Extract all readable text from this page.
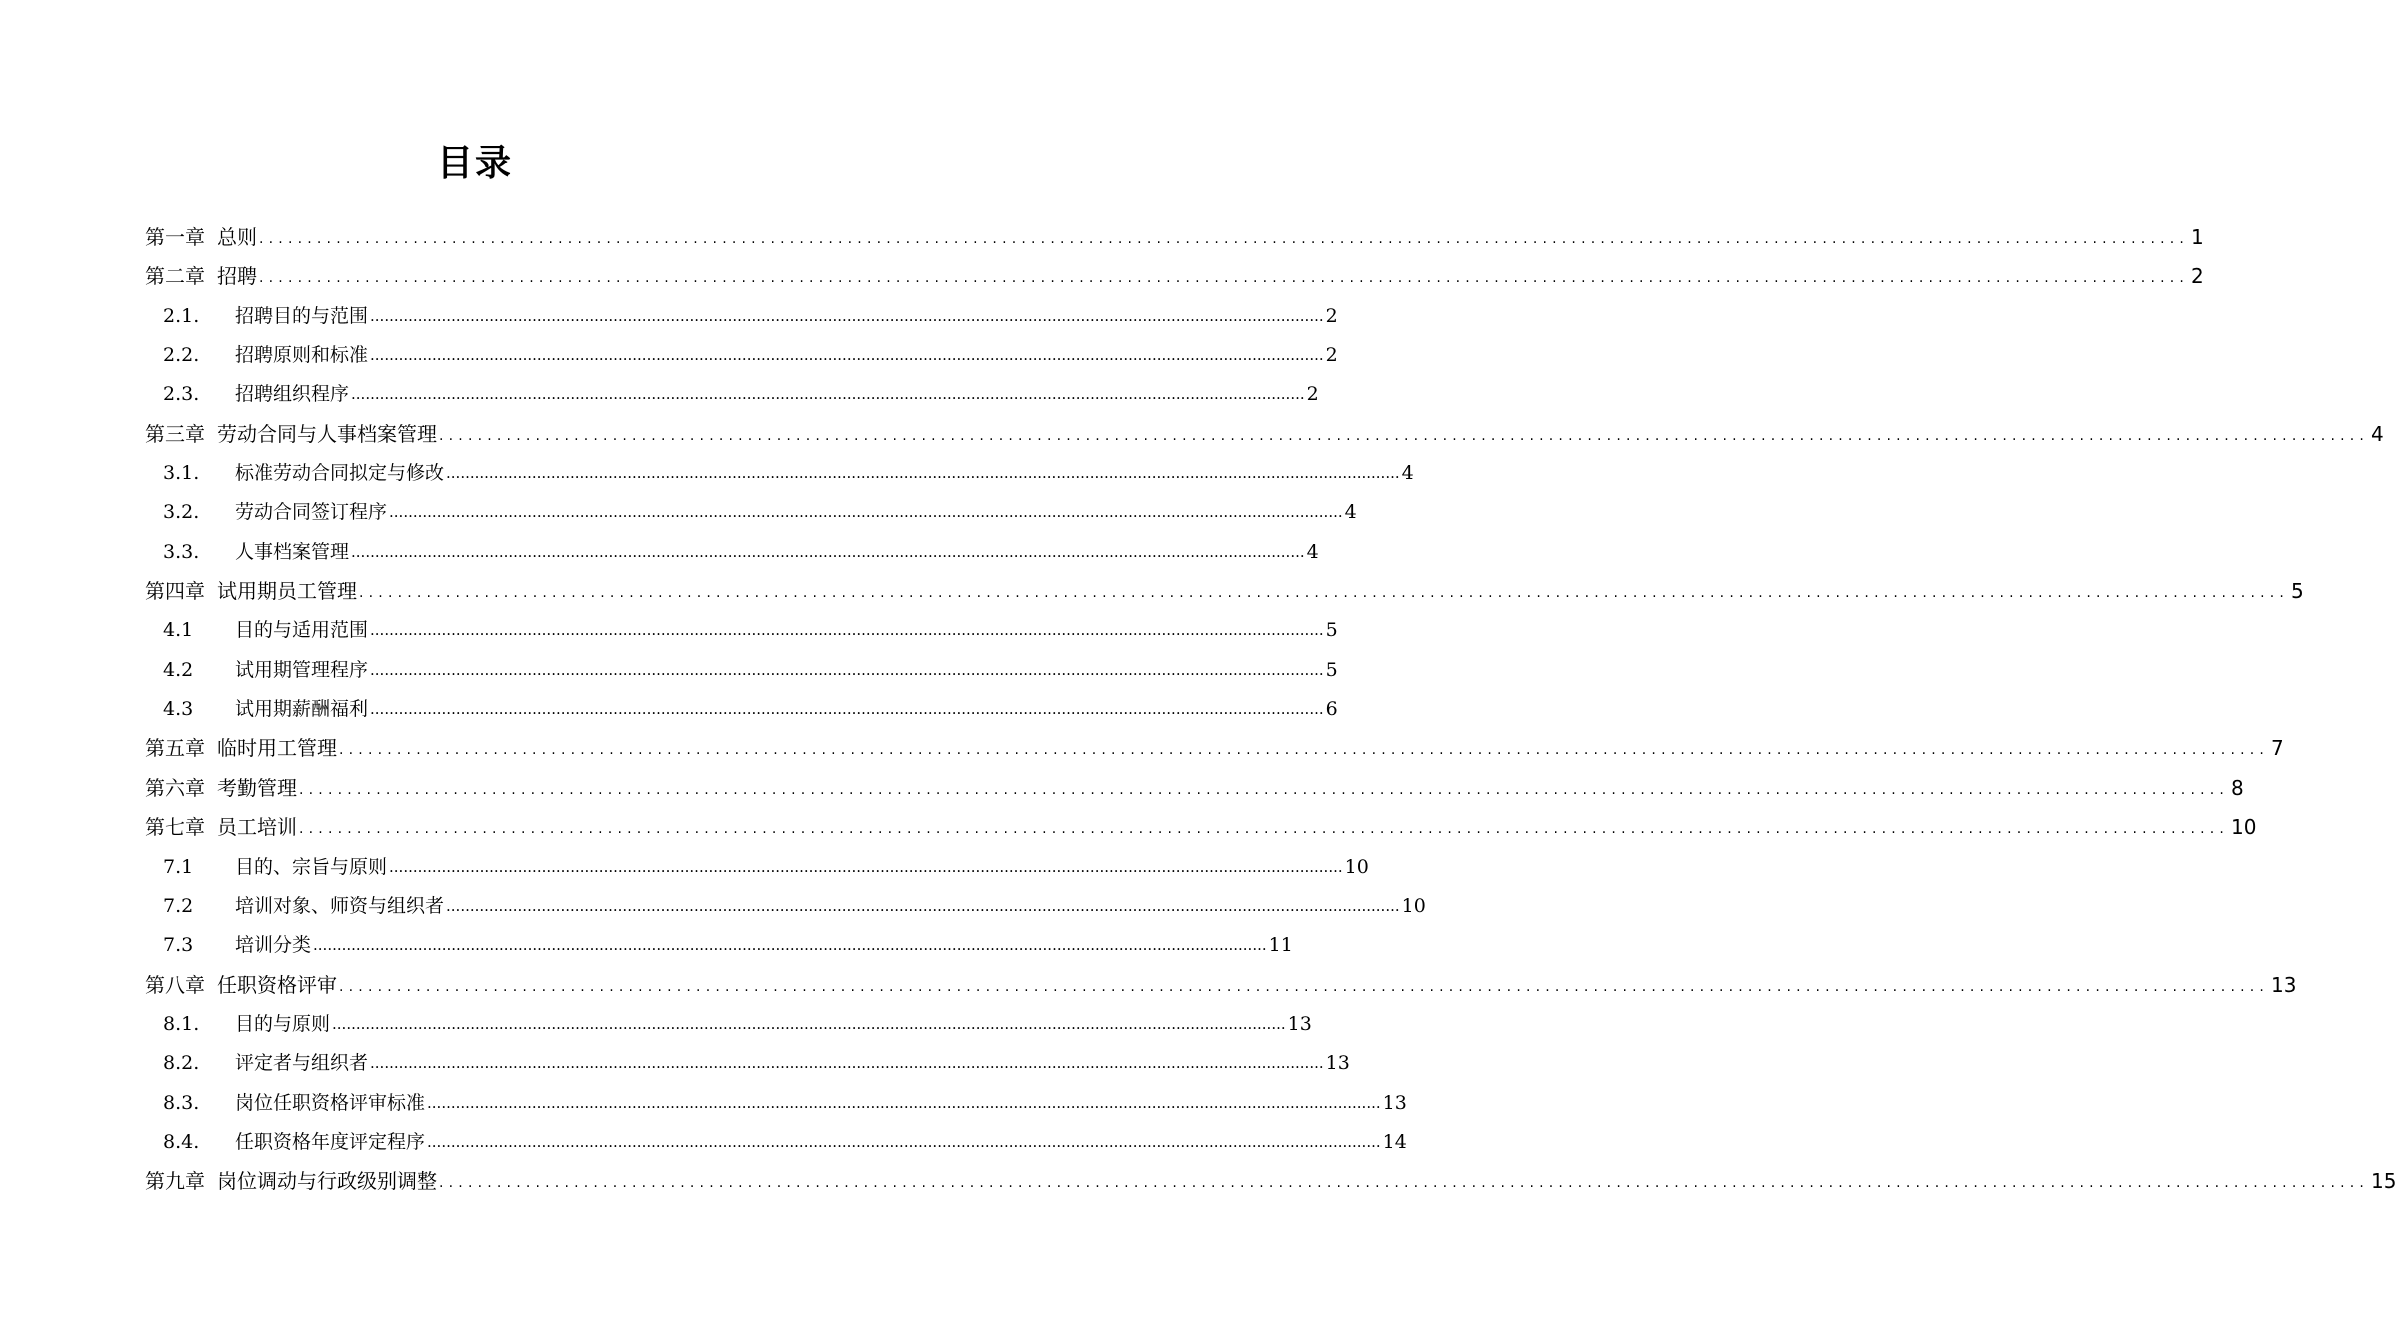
目录
第一章 总则 ........................................................................................................................................................................................................ 1
第二章 招聘 ........................................................................................................................................................................................................ 2
2.1.	招聘目的与范围 ........................................................................................................................................................................................................ 2
2.2.	招聘原则和标准 ........................................................................................................................................................................................................ 2
2.3.	招聘组织程序 ........................................................................................................................................................................................................ 2
第三章 劳动合同与人事档案管理 ........................................................................................................................................................................................................ 4
3.1.	标准劳动合同拟定与修改 ........................................................................................................................................................................................................ 4
3.2.	劳动合同签订程序 ........................................................................................................................................................................................................ 4
3.3.	人事档案管理 ........................................................................................................................................................................................................ 4
第四章 试用期员工管理 ........................................................................................................................................................................................................ 5
4.1	目的与适用范围 ........................................................................................................................................................................................................ 5
4.2	试用期管理程序 ........................................................................................................................................................................................................ 5
4.3	试用期薪酬福利 ........................................................................................................................................................................................................ 6
第五章 临时用工管理 ........................................................................................................................................................................................................ 7
第六章 考勤管理 ........................................................................................................................................................................................................ 8
第七章 员工培训 ........................................................................................................................................................................................................ 10
7.1	目的、宗旨与原则 ........................................................................................................................................................................................................ 10
7.2	培训对象、师资与组织者 ........................................................................................................................................................................................................ 10
7.3	培训分类 ........................................................................................................................................................................................................ 11
第八章 任职资格评审 ........................................................................................................................................................................................................ 13
8.1.	目的与原则 ........................................................................................................................................................................................................ 13
8.2.	评定者与组织者 ........................................................................................................................................................................................................ 13
8.3.	岗位任职资格评审标准 ........................................................................................................................................................................................................ 13
8.4.	任职资格年度评定程序 ........................................................................................................................................................................................................ 14
第九章 岗位调动与行政级别调整 ........................................................................................................................................................................................................ 15
